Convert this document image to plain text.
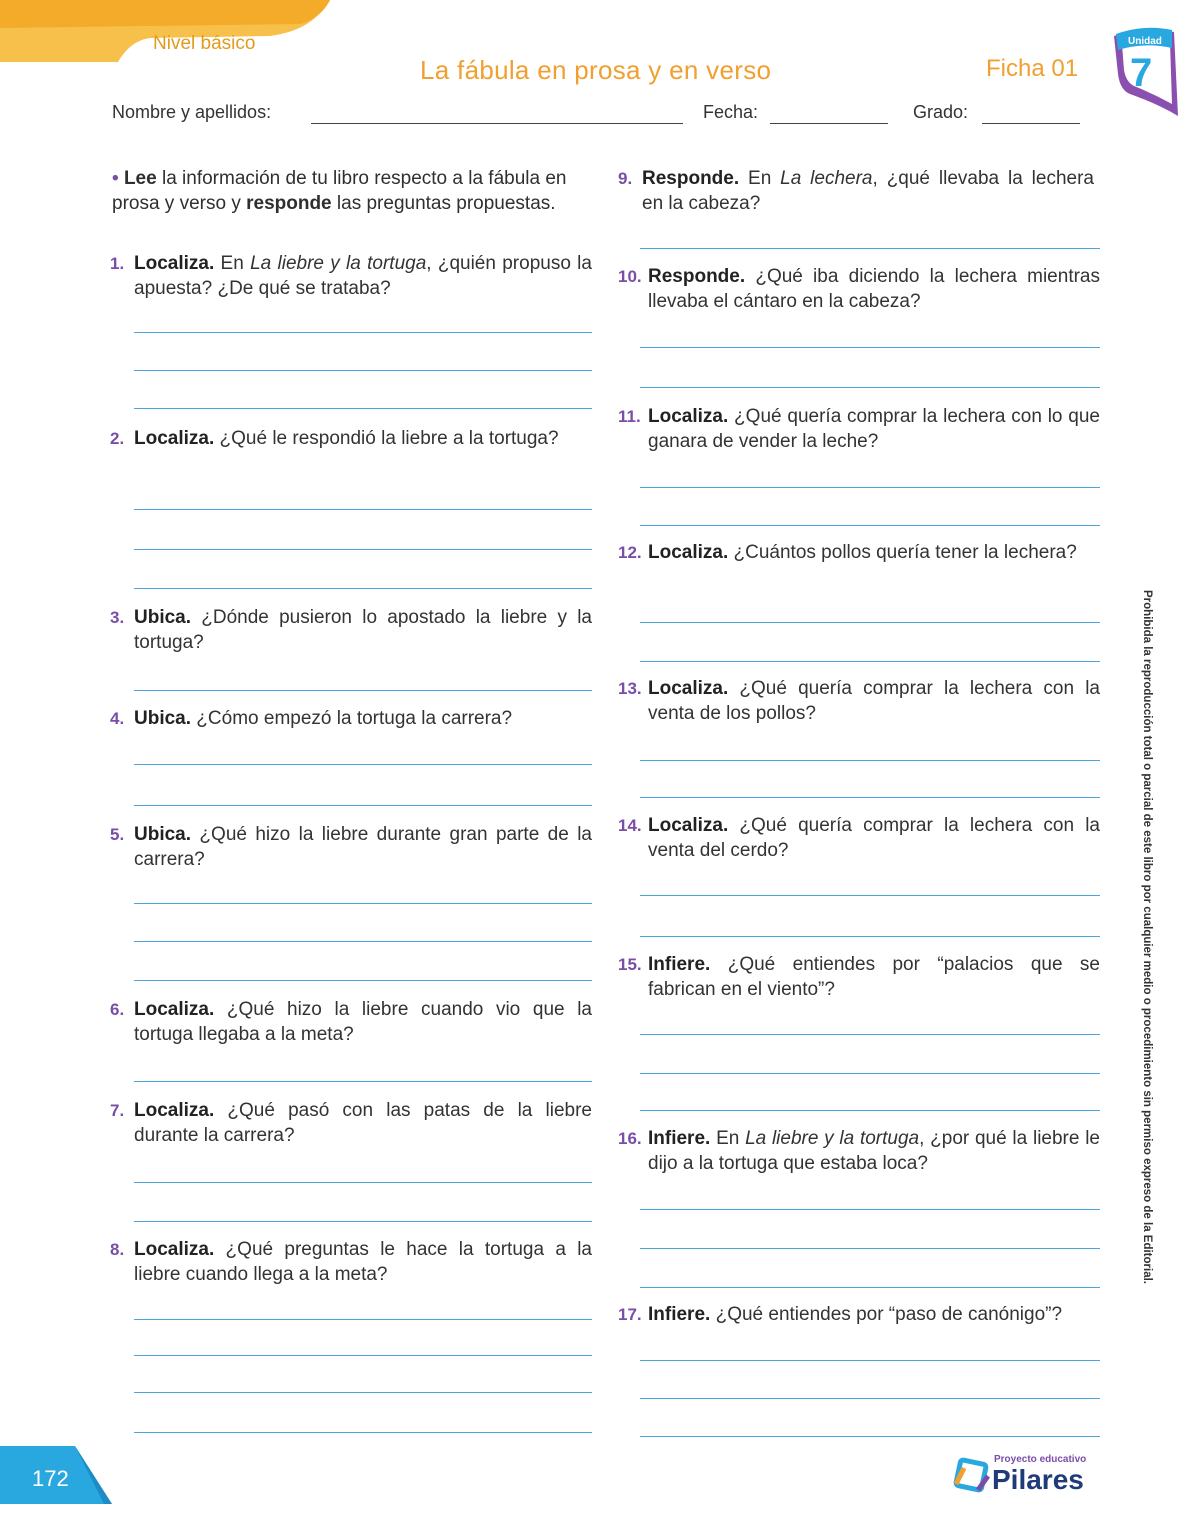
Nivel básico
La fábula en prosa y en verso	Ficha 01
Unidad
7
Nombre y apellidos:	Fecha:	Grado:
• Lee la información de tu libro respecto a la fábula en prosa y verso y responde las preguntas propuestas.
1. Localiza. En La liebre y la tortuga, ¿quién propuso la apuesta? ¿De qué se trataba?
2. Localiza. ¿Qué le respondió la liebre a la tortuga?
3. Ubica. ¿Dónde pusieron lo apostado la liebre y la tortuga?
4. Ubica. ¿Cómo empezó la tortuga la carrera?
5. Ubica. ¿Qué hizo la liebre durante gran parte de la carrera?
6. Localiza. ¿Qué hizo la liebre cuando vio que la tortuga llegaba a la meta?
7. Localiza. ¿Qué pasó con las patas de la liebre durante la carrera?
8. Localiza. ¿Qué preguntas le hace la tortuga a la liebre cuando llega a la meta?
9. Responde. En La lechera, ¿qué llevaba la lechera en la cabeza?
10. Responde. ¿Qué iba diciendo la lechera mientras llevaba el cántaro en la cabeza?
11. Localiza. ¿Qué quería comprar la lechera con lo que ganara de vender la leche?
12. Localiza. ¿Cuántos pollos quería tener la lechera?
13. Localiza. ¿Qué quería comprar la lechera con la venta de los pollos?
14. Localiza. ¿Qué quería comprar la lechera con la venta del cerdo?
15. Infiere. ¿Qué entiendes por “palacios que se fabrican en el viento”?
16. Infiere. En La liebre y la tortuga, ¿por qué la liebre le dijo a la tortuga que estaba loca?
17. Infiere. ¿Qué entiendes por “paso de canónigo”?
Prohibida la reproducción total o parcial de este libro por cualquier medio o procedimiento sin permiso expreso de la Editorial.
172
Proyecto educativo
Pilares
